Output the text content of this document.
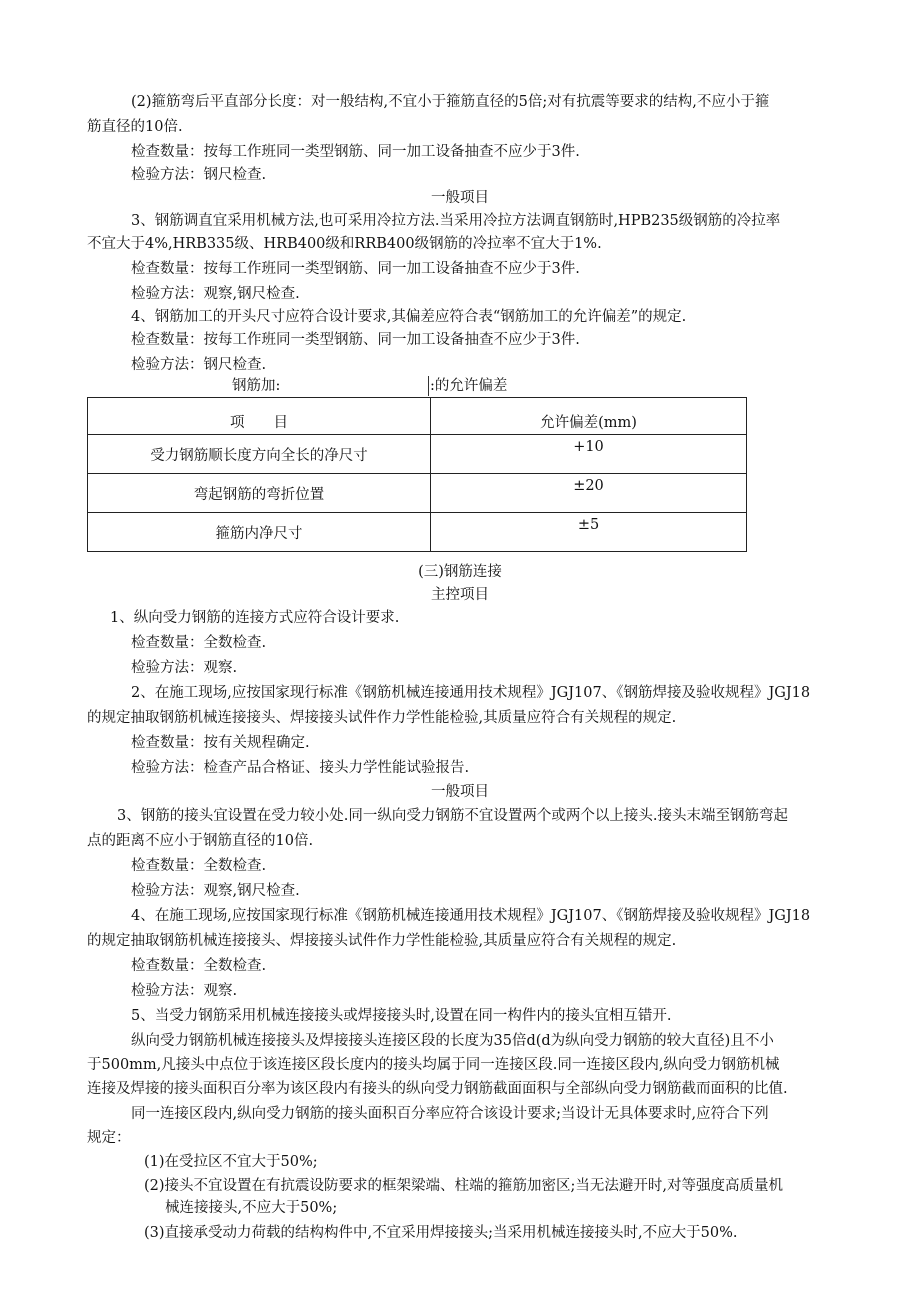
(2)箍筋弯后平直部分长度：对一般结构,不宜小于箍筋直径的5倍;对有抗震等要求的结构,不应小于箍
筋直径的10倍.
检查数量：按每工作班同一类型钢筋、同一加工设备抽查不应少于3件.
检验方法：钢尺检查.
一般项目
3、钢筋调直宜采用机械方法,也可采用冷拉方法.当采用冷拉方法调直钢筋时,HPB235级钢筋的冷拉率
不宜大于4%,HRB335级、HRB400级和RRB400级钢筋的冷拉率不宜大于1%.
检查数量：按每工作班同一类型钢筋、同一加工设备抽查不应少于3件.
检验方法：观察,钢尺检查.
4、钢筋加工的开头尺寸应符合设计要求,其偏差应符合表“钢筋加工的允许偏差”的规定.
检查数量：按每工作班同一类型钢筋、同一加工设备抽查不应少于3件.
检验方法：钢尺检查.
钢筋加:	:的允许偏差
项　　目	允许偏差(mm)
受力钢筋顺长度方向全长的净尺寸	+10
弯起钢筋的弯折位置	±20
箍筋内净尺寸	±5
(三)钢筋连接
主控项目
1、纵向受力钢筋的连接方式应符合设计要求.
检查数量：全数检查.
检验方法：观察.
2、在施工现场,应按国家现行标准《钢筋机械连接通用技术规程》JGJ107、《钢筋焊接及验收规程》JGJ18
的规定抽取钢筋机械连接接头、焊接接头试件作力学性能检验,其质量应符合有关规程的规定.
检查数量：按有关规程确定.
检验方法：检查产品合格证、接头力学性能试验报告.
一般项目
3、钢筋的接头宜设置在受力较小处.同一纵向受力钢筋不宜设置两个或两个以上接头.接头末端至钢筋弯起
点的距离不应小于钢筋直径的10倍.
检查数量：全数检查.
检验方法：观察,钢尺检查.
4、在施工现场,应按国家现行标准《钢筋机械连接通用技术规程》JGJ107、《钢筋焊接及验收规程》JGJ18
的规定抽取钢筋机械连接接头、焊接接头试件作力学性能检验,其质量应符合有关规程的规定.
检查数量：全数检查.
检验方法：观察.
5、当受力钢筋采用机械连接接头或焊接接头时,设置在同一构件内的接头宜相互错开.
纵向受力钢筋机械连接接头及焊接接头连接区段的长度为35倍d(d为纵向受力钢筋的较大直径)且不小
于500mm,凡接头中点位于该连接区段长度内的接头均属于同一连接区段.同一连接区段内,纵向受力钢筋机械
连接及焊接的接头面积百分率为该区段内有接头的纵向受力钢筋截面面积与全部纵向受力钢筋截而面积的比值.
同一连接区段内,纵向受力钢筋的接头面积百分率应符合该设计要求;当设计无具体要求时,应符合下列
规定：
(1)在受拉区不宜大于50%;
(2)接头不宜设置在有抗震设防要求的框架梁端、柱端的箍筋加密区;当无法避开时,对等强度高质量机
械连接接头,不应大于50%;
(3)直接承受动力荷载的结构构件中,不宜采用焊接接头;当采用机械连接接头时,不应大于50%.
